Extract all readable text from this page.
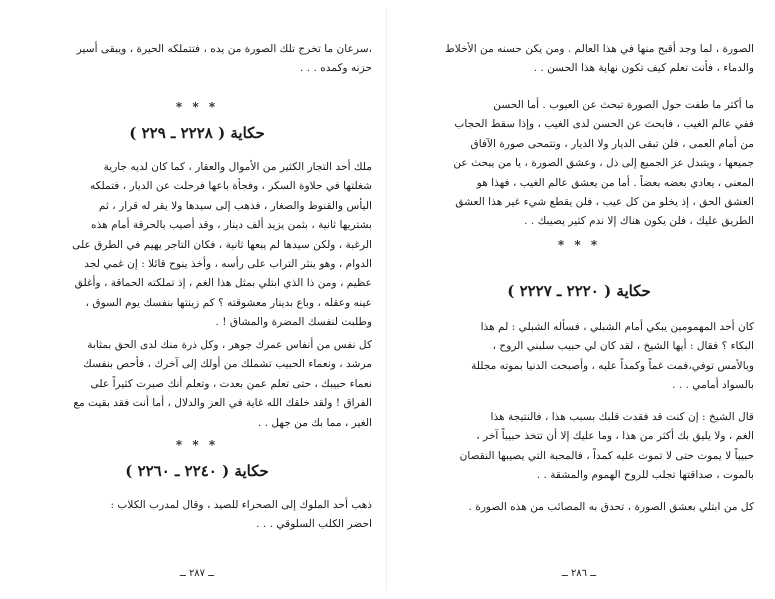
،سرعان ما تخرج تلك الصورة من يده ، فتتملكه الحيرة ، ويبقى أسير

حزنه وكمده . . .

* * *
حكاية ( ٢٢٢٨ ـ ٢٢٩ )

ملك أحد التجار الكثير من الأموال والعقار ، كما كان لديه جارية

شغلتها في حلاوة السكر ، وفجأة باعها فرحلت عن الديار ، فتملكه

اليأس والقنوط والصغار ، فذهب إلى سيدها ولا يقر له قرار ، ثم

بشتريها ثانية ، بثمن يزيد ألف دينار ، وقد أصيب بالحرقة أمام هذه

الرغبة ، ولكن سيدها لم يبعها ثانية ، فكان التاجر يهيم في الطرق على

الدوام ، وهو ينثر التراب على رأسه ، وأخذ ينوح قائلا : إن غمي لجد

عظيم ، ومن ذا الذي ابتلي بمثل هذا الغم ، إذ تملكته الحماقة ، وأغلق

عينه وعقله ، وباع بدينار معشوقته ؟ كم زينتها بنفسك يوم السوق ،

وطلبت لنفسك المضرة والمشاق ! .

كل نفس من أنفاس عمرك جوهر ، وكل ذرة منك لدى الحق بمثابة

مرشد ، ونعماء الحبيب تشملك من أولك إلى آخرك ، فأحص بنفسك

نعماء حبيبك ، حتى تعلم عمن بعدت ، وتعلم أنك صبرت كثيراً على

الفراق ! ولقد خلقك الله غاية في العز والدلال ، أما أنت فقد بقيت مع

الغير ، مما بك من جهل . .

* * *
حكاية ( ٢٢٤٠ ـ ٢٢٦٠ )

ذهب أحد الملوك إلى الصحراء للصيد ، وقال لمدرب الكلاب :

احضر الكلب السلوقي . . .

ــ ٢٨٧ ــ

الصورة ، لما وجد أقبح منها في هذا العالم . ومن يكن حسنه من الأخلاط

والدماء ، فأنت تعلم كيف تكون نهاية هذا الحسن . .

ما أكثر ما طفت حول الصورة تبحث عن العيوب . أما الحسن

ففي عالم الغيب ، فابحث عن الحسن لدى الغيب ، وإذا سقط الحجاب

من أمام العمى ، فلن تبقى الديار ولا الديار ، وتتمحى صورة الآفاق

جميعها ، ويتبدل عز الجميع إلى ذل ، وعشق الصورة ، يا من يبحث عن

المعنى ، يعادي بعضه بعضاً . أما من يعشق عالم الغيب ، فهذا هو

العشق الحق ، إذ يخلو من كل عيب ، فلن يقطع شيء غير هذا العشق

الطريق عليك ، فلن يكون هناك إلا ندم كثير يصيبك . .

* * *
حكاية ( ٢٢٢٠ ـ ٢٢٢٧ )

كان أحد المهمومين يبكي أمام الشبلي ، فسأله الشبلي : لم هذا

البكاء ؟ فقال : أيها الشيخ ، لقد كان لي حبيب سلبني الروح ،

وبالأمس توفي،فمت غماً وكمداً عليه ، وأصبحت الدنيا بموته مجللة

بالسواد أمامي . . .

قال الشيخ : إن كنت قد فقدت قلبك بسبب هذا ، فالنتيجة هذا

الغم ، ولا يليق بك أكثر من هذا ، وما عليك إلا أن تتخذ حبيباً آخر ،

حبيباً لا يموت حتى لا تموت عليه كمداً ، فالمحبة التي يصيبها النقصان

بالموت ، صداقتها تجلب للروح الهموم والمشقة . .

كل من ابتلي بعشق الصورة ، تحدق به المصائب من هذه الصورة .

ــ ٢٨٦ ــ
